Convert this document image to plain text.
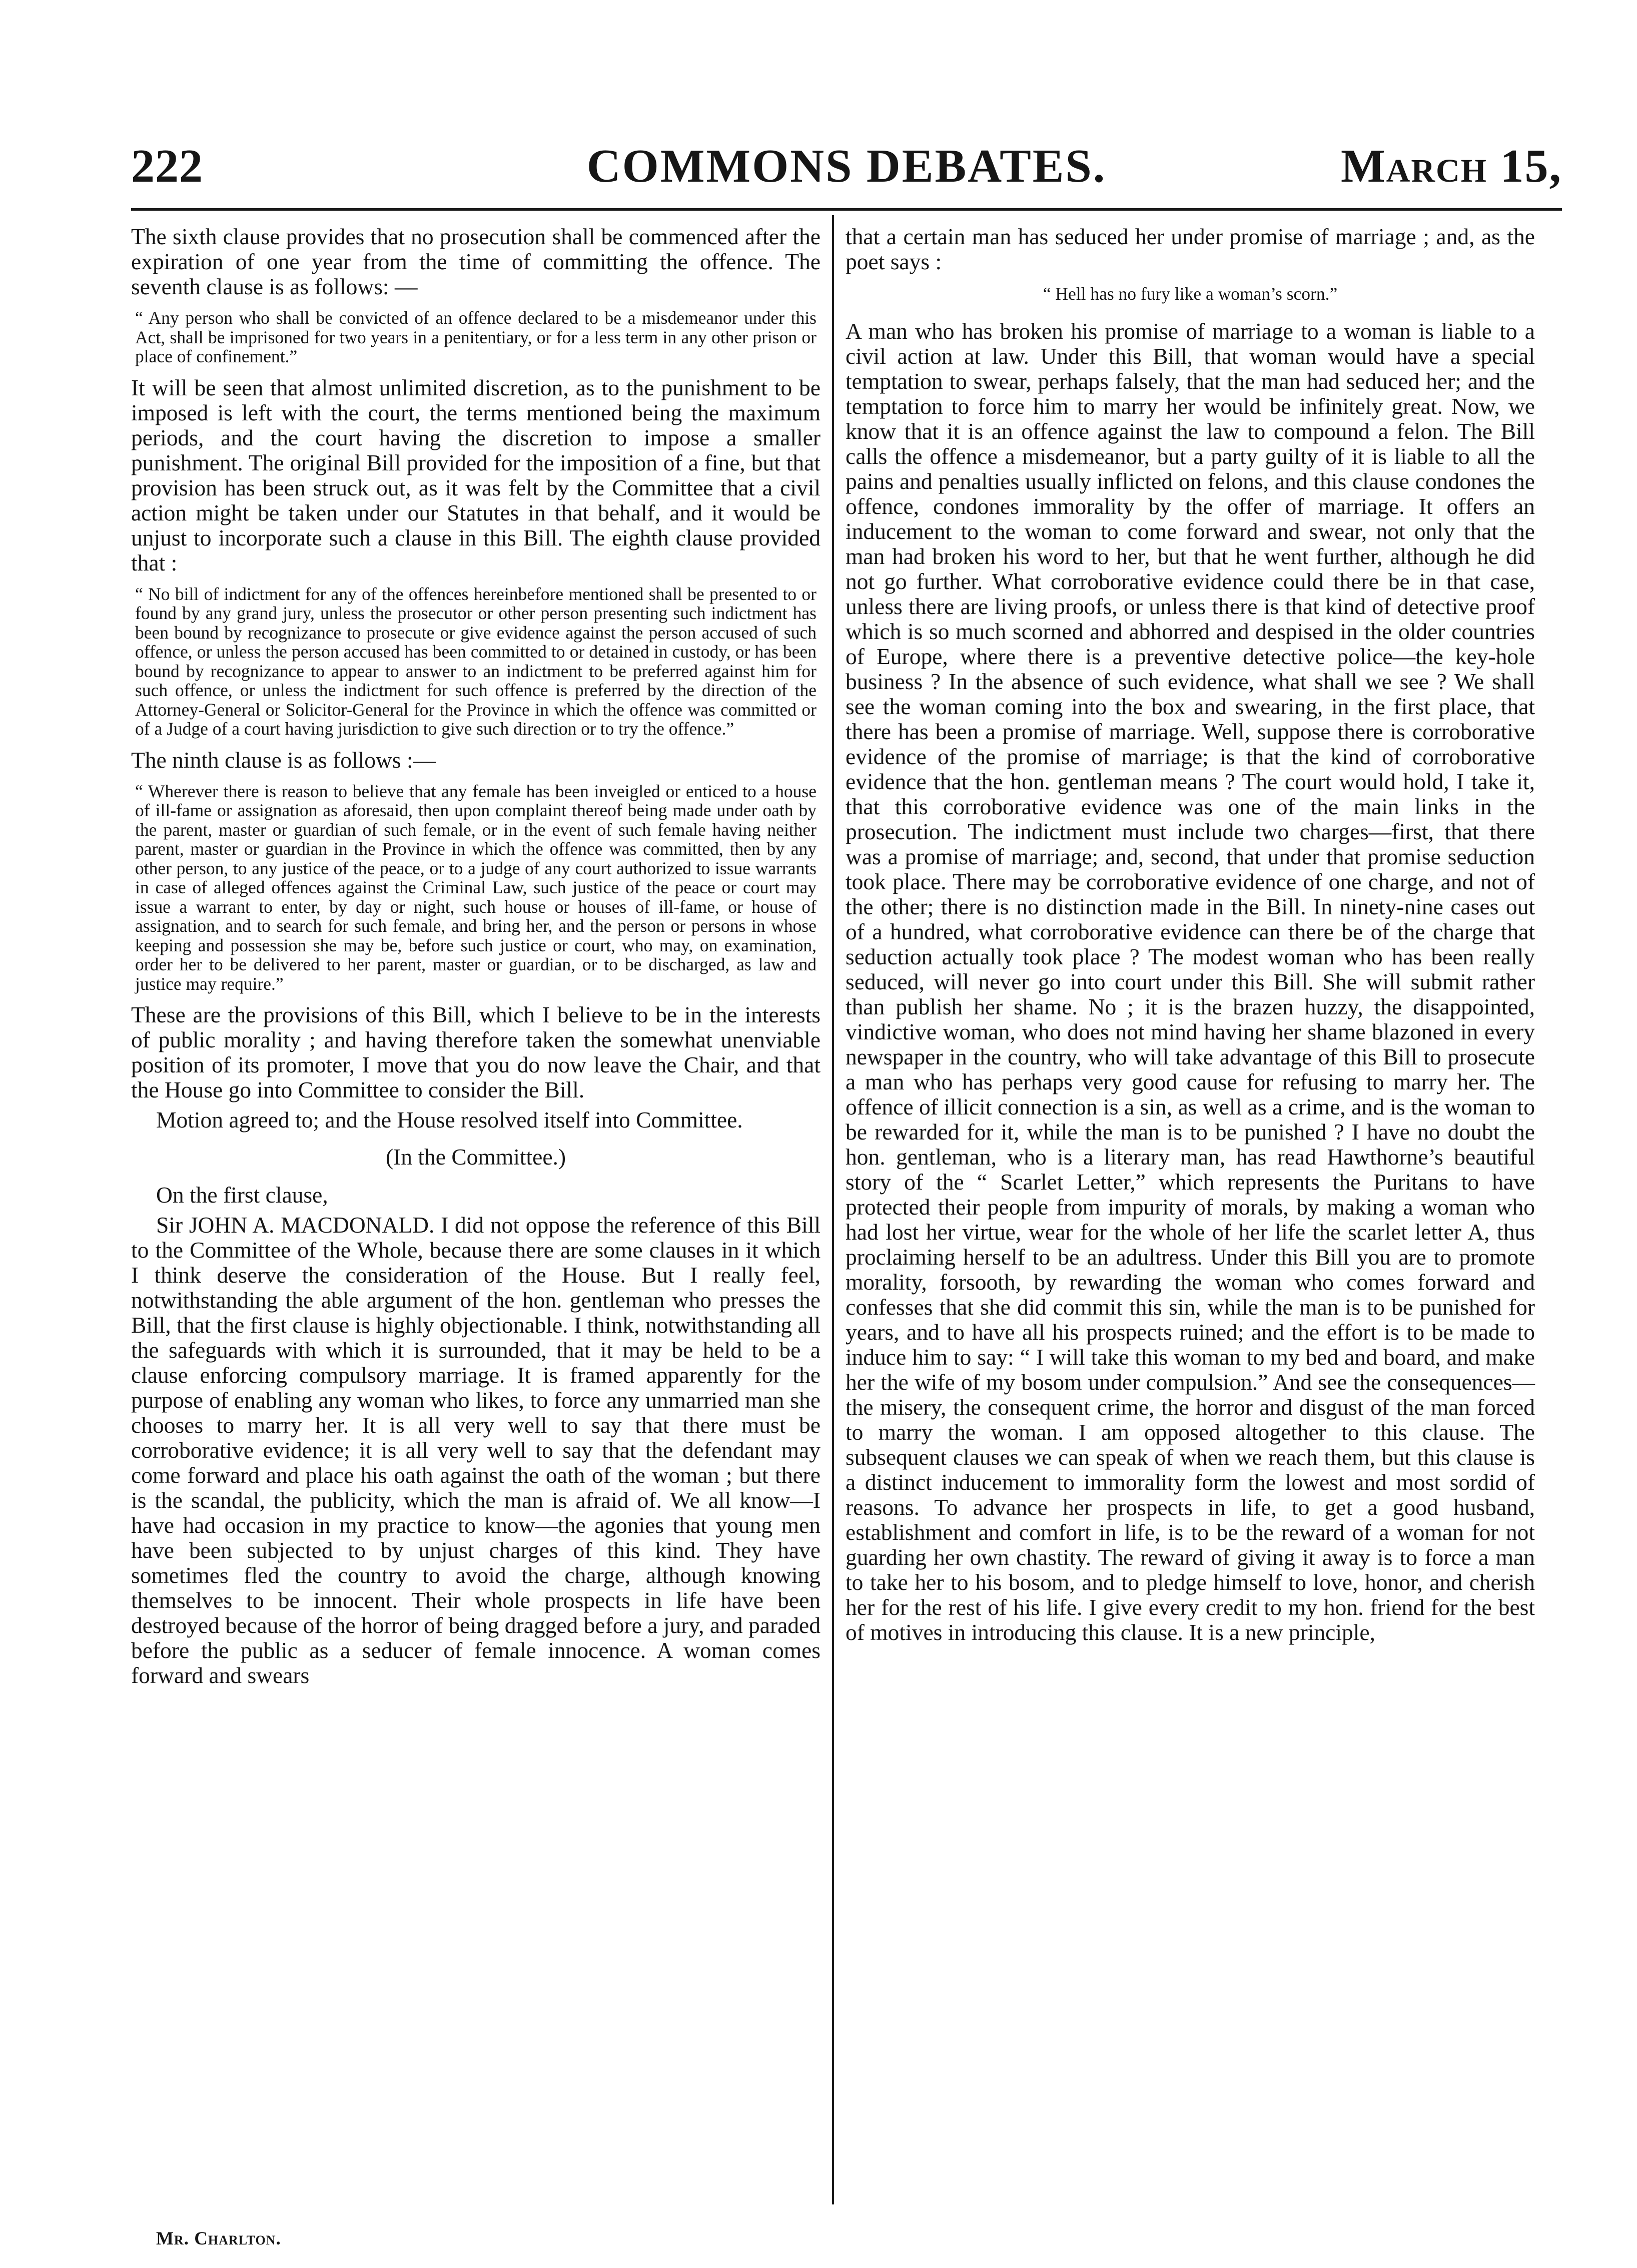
222	COMMONS DEBATES.	March 15,

The sixth clause provides that no prosecution shall be commenced after the expiration of one year from the time of committing the offence. The seventh clause is as follows: —

“ Any person who shall be convicted of an offence declared to be a misdemeanor under this Act, shall be imprisoned for two years in a penitentiary, or for a less term in any other prison or place of confinement.”

It will be seen that almost unlimited discretion, as to the punishment to be imposed is left with the court, the terms mentioned being the maximum periods, and the court having the discretion to impose a smaller punishment. The original Bill provided for the imposition of a fine, but that provision has been struck out, as it was felt by the Committee that a civil action might be taken under our Statutes in that behalf, and it would be unjust to incorporate such a clause in this Bill. The eighth clause provided that :

“ No bill of indictment for any of the offences hereinbefore mentioned shall be presented to or found by any grand jury, unless the prosecutor or other person presenting such indictment has been bound by recognizance to prosecute or give evidence against the person accused of such offence, or unless the person accused has been committed to or detained in custody, or has been bound by recognizance to appear to answer to an indictment to be preferred against him for such offence, or unless the indictment for such offence is preferred by the direction of the Attorney-General or Solicitor-General for the Province in which the offence was committed or of a Judge of a court having jurisdiction to give such direction or to try the offence.”

The ninth clause is as follows :—

“ Wherever there is reason to believe that any female has been inveigled or enticed to a house of ill-fame or assignation as aforesaid, then upon complaint thereof being made under oath by the parent, master or guardian of such female, or in the event of such female having neither parent, master or guardian in the Province in which the offence was committed, then by any other person, to any justice of the peace, or to a judge of any court authorized to issue warrants in case of alleged offences against the Criminal Law, such justice of the peace or court may issue a warrant to enter, by day or night, such house or houses of ill-fame, or house of assignation, and to search for such female, and bring her, and the person or persons in whose keeping and possession she may be, before such justice or court, who may, on examination, order her to be delivered to her parent, master or guardian, or to be discharged, as law and justice may require.”

These are the provisions of this Bill, which I believe to be in the interests of public morality ; and having therefore taken the somewhat unenviable position of its promoter, I move that you do now leave the Chair, and that the House go into Committee to consider the Bill.

Motion agreed to; and the House resolved itself into Committee.

(In the Committee.)

On the first clause,

Sir JOHN A. MACDONALD. I did not oppose the reference of this Bill to the Committee of the Whole, because there are some clauses in it which I think deserve the consideration of the House. But I really feel, notwithstanding the able argument of the hon. gentleman who presses the Bill, that the first clause is highly objectionable. I think, notwithstanding all the safeguards with which it is surrounded, that it may be held to be a clause enforcing compulsory marriage. It is framed apparently for the purpose of enabling any woman who likes, to force any unmarried man she chooses to marry her. It is all very well to say that there must be corroborative evidence; it is all very well to say that the defendant may come forward and place his oath against the oath of the woman ; but there is the scandal, the publicity, which the man is afraid of. We all know—I have had occasion in my practice to know—the agonies that young men have been subjected to by unjust charges of this kind. They have sometimes fled the country to avoid the charge, although knowing themselves to be innocent. Their whole prospects in life have been destroyed because of the horror of being dragged before a jury, and paraded before the public as a seducer of female innocence. A woman comes forward and swears

that a certain man has seduced her under promise of marriage ; and, as the poet says :

“ Hell has no fury like a woman’s scorn.”

A man who has broken his promise of marriage to a woman is liable to a civil action at law. Under this Bill, that woman would have a special temptation to swear, perhaps falsely, that the man had seduced her; and the temptation to force him to marry her would be infinitely great. Now, we know that it is an offence against the law to compound a felon. The Bill calls the offence a misdemeanor, but a party guilty of it is liable to all the pains and penalties usually inflicted on felons, and this clause condones the offence, condones immorality by the offer of marriage. It offers an inducement to the woman to come forward and swear, not only that the man had broken his word to her, but that he went further, although he did not go further. What corroborative evidence could there be in that case, unless there are living proofs, or unless there is that kind of detective proof which is so much scorned and abhorred and despised in the older countries of Europe, where there is a preventive detective police—the key-hole business ? In the absence of such evidence, what shall we see ? We shall see the woman coming into the box and swearing, in the first place, that there has been a promise of marriage. Well, suppose there is corroborative evidence of the promise of marriage; is that the kind of corroborative evidence that the hon. gentleman means ? The court would hold, I take it, that this corroborative evidence was one of the main links in the prosecution. The indictment must include two charges—first, that there was a promise of marriage; and, second, that under that promise seduction took place. There may be corroborative evidence of one charge, and not of the other; there is no distinction made in the Bill. In ninety-nine cases out of a hundred, what corroborative evidence can there be of the charge that seduction actually took place ? The modest woman who has been really seduced, will never go into court under this Bill. She will submit rather than publish her shame. No ; it is the brazen huzzy, the disappointed, vindictive woman, who does not mind having her shame blazoned in every newspaper in the country, who will take advantage of this Bill to prosecute a man who has perhaps very good cause for refusing to marry her. The offence of illicit connection is a sin, as well as a crime, and is the woman to be rewarded for it, while the man is to be punished ? I have no doubt the hon. gentleman, who is a literary man, has read Hawthorne’s beautiful story of the “ Scarlet Letter,” which represents the Puritans to have protected their people from impurity of morals, by making a woman who had lost her virtue, wear for the whole of her life the scarlet letter A, thus proclaiming herself to be an adultress. Under this Bill you are to promote morality, forsooth, by rewarding the woman who comes forward and confesses that she did commit this sin, while the man is to be punished for years, and to have all his prospects ruined; and the effort is to be made to induce him to say: “ I will take this woman to my bed and board, and make her the wife of my bosom under compulsion.” And see the consequences—the misery, the consequent crime, the horror and disgust of the man forced to marry the woman. I am opposed altogether to this clause. The subsequent clauses we can speak of when we reach them, but this clause is a distinct inducement to immorality form the lowest and most sordid of reasons. To advance her prospects in life, to get a good husband, establishment and comfort in life, is to be the reward of a woman for not guarding her own chastity. The reward of giving it away is to force a man to take her to his bosom, and to pledge himself to love, honor, and cherish her for the rest of his life. I give every credit to my hon. friend for the best of motives in introducing this clause. It is a new principle,

Mr. Charlton.
